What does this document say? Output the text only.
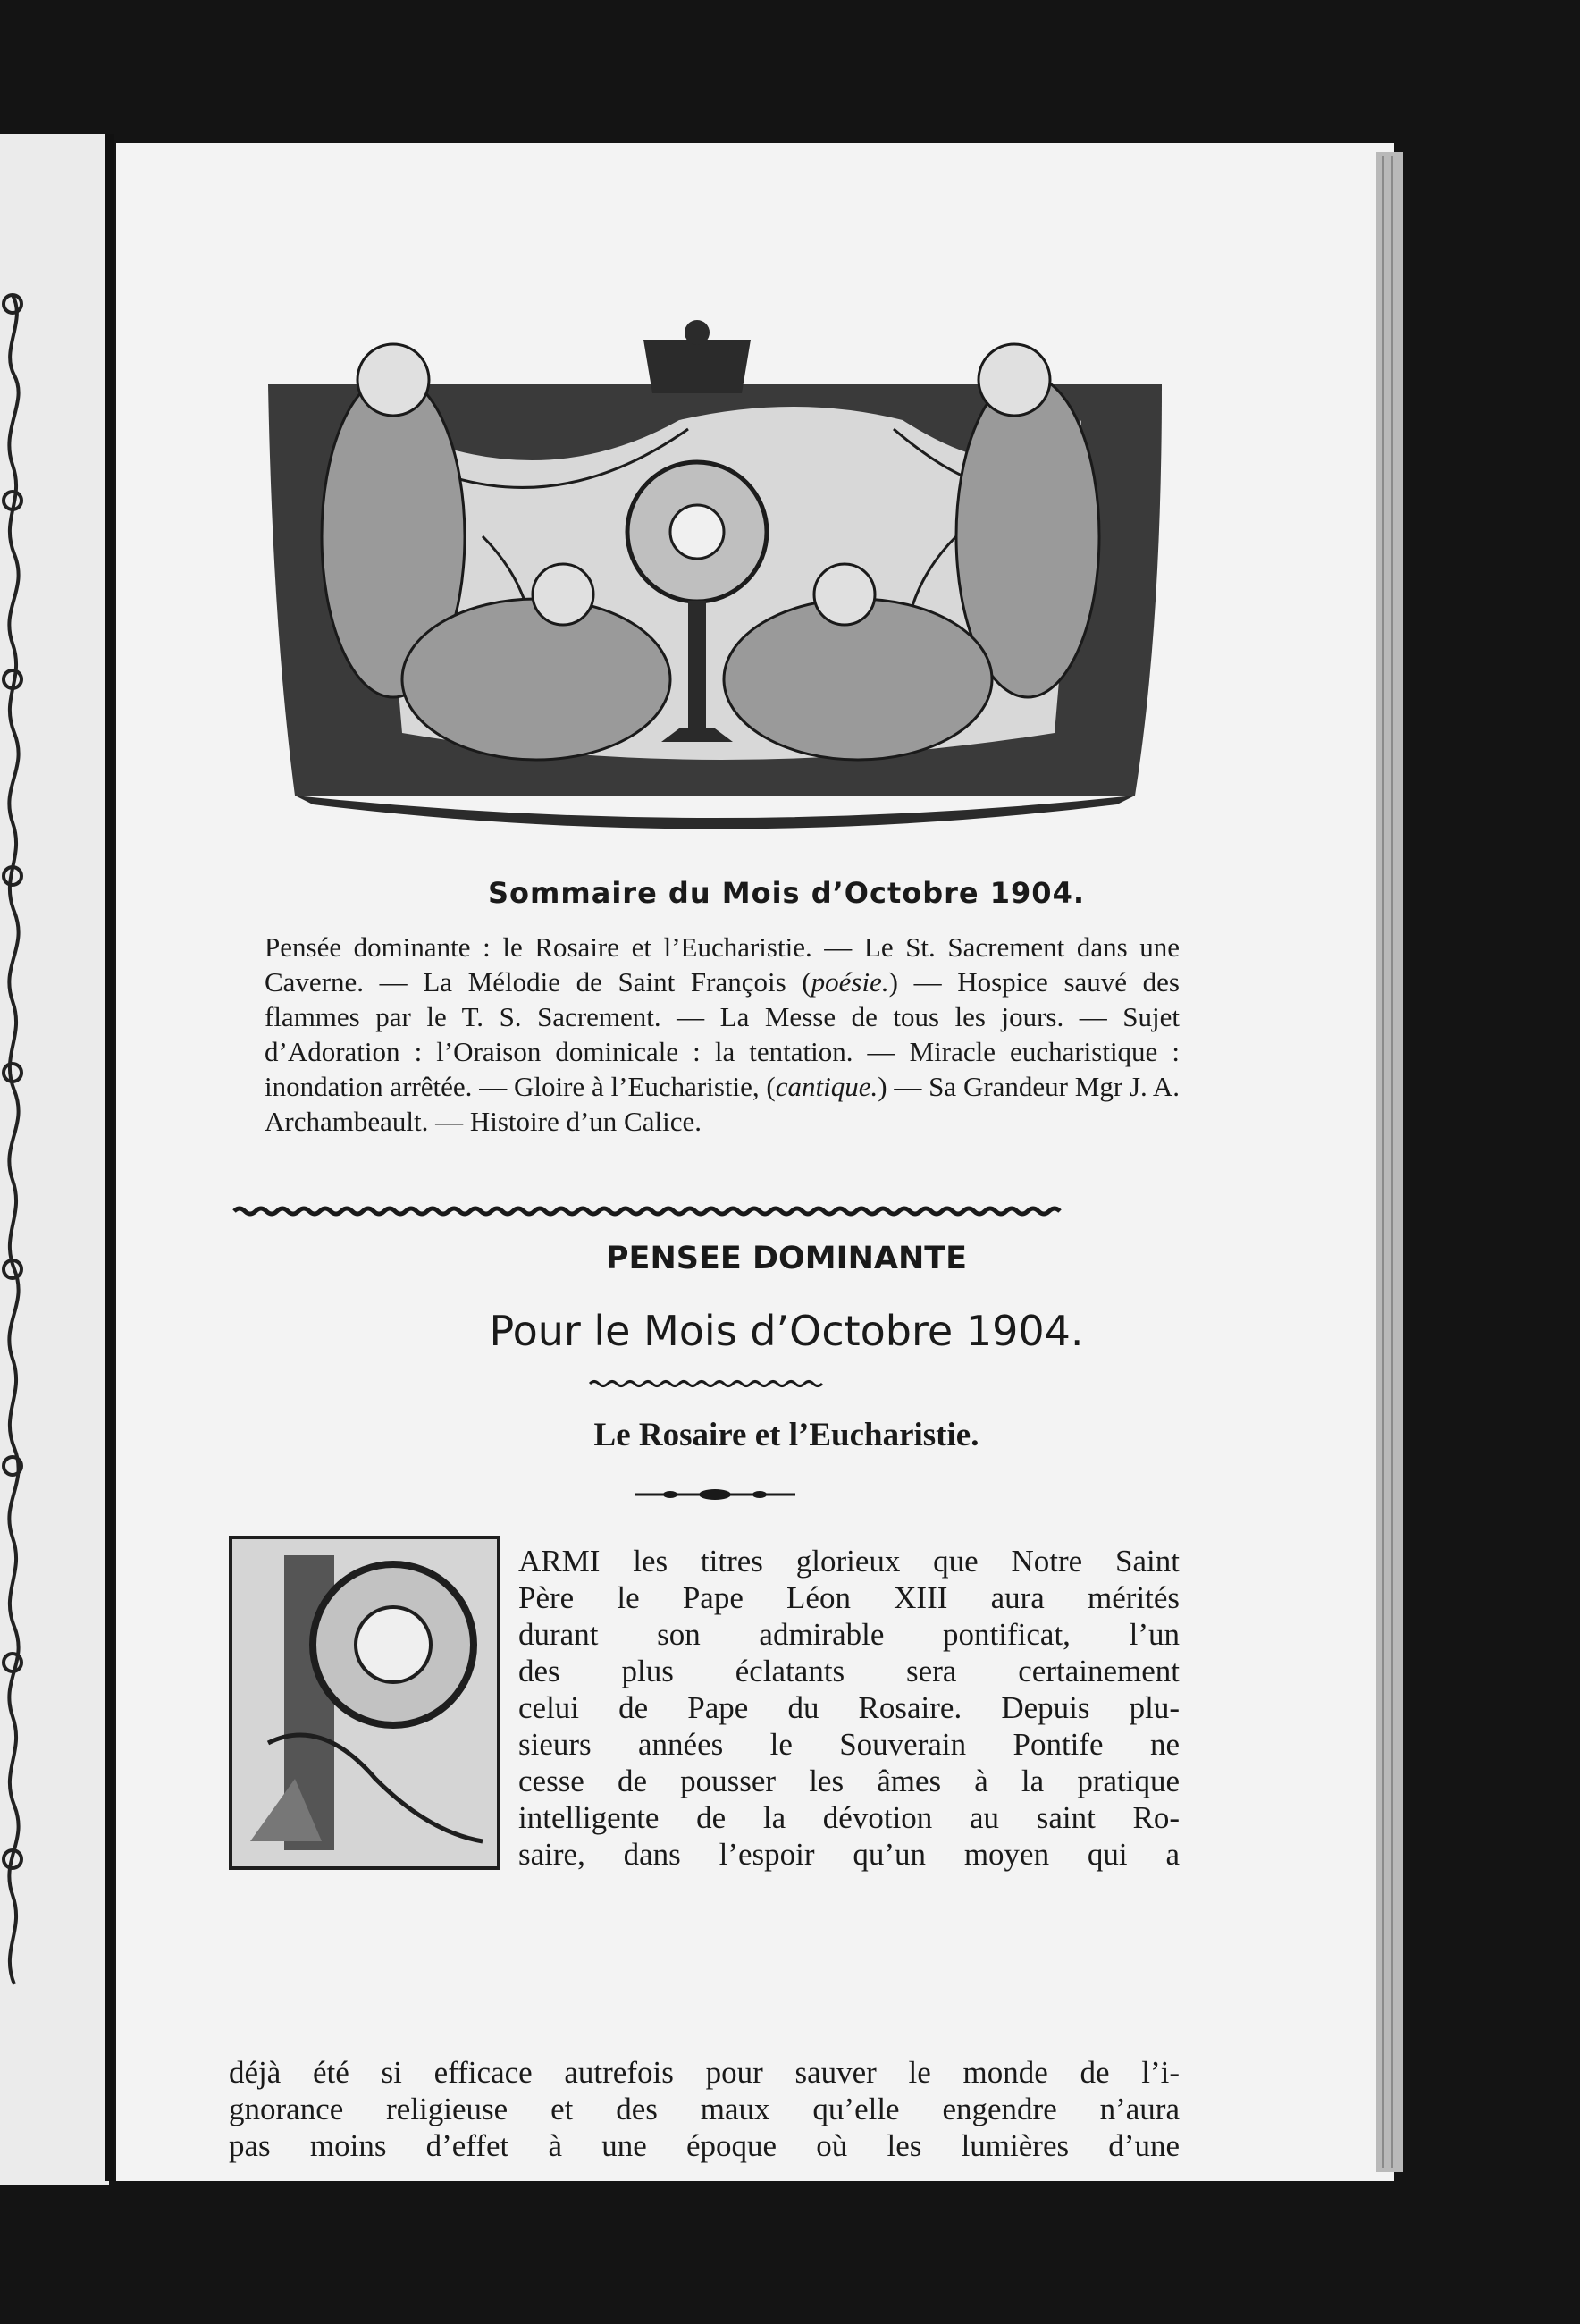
Sommaire du Mois d’Octobre 1904.
Pensée dominante : le Rosaire et l’Eucharistie. — Le St. Sacrement dans une Caverne. — La Mélodie de Saint François (poésie.) — Hospice sauvé des flammes par le T. S. Sacrement. — La Messe de tous les jours. — Sujet d’Adoration : l’Oraison dominicale : la tentation. — Miracle eucharistique : inondation arrêtée. — Gloire à l’Eucharistie, (cantique.) — Sa Grandeur Mgr J. A. Archambeault. — Histoire d’un Calice.
PENSEE DOMINANTE
Pour le Mois d’Octobre 1904.
Le Rosaire et l’Eucharistie.
ARMI les titres glorieux que Notre Saint
Père le Pape Léon XIII aura mérités
durant son admirable pontificat, l’un
des plus éclatants sera certainement
celui de Pape du Rosaire. Depuis plu-
sieurs années le Souverain Pontife ne
cesse de pousser les âmes à la pratique
intelligente de la dévotion au saint Ro-
saire, dans l’espoir qu’un moyen qui a
déjà été si efficace autrefois pour sauver le monde de l’i-
gnorance religieuse et des maux qu’elle engendre n’aura
pas moins d’effet à une époque où les lumières d’une
